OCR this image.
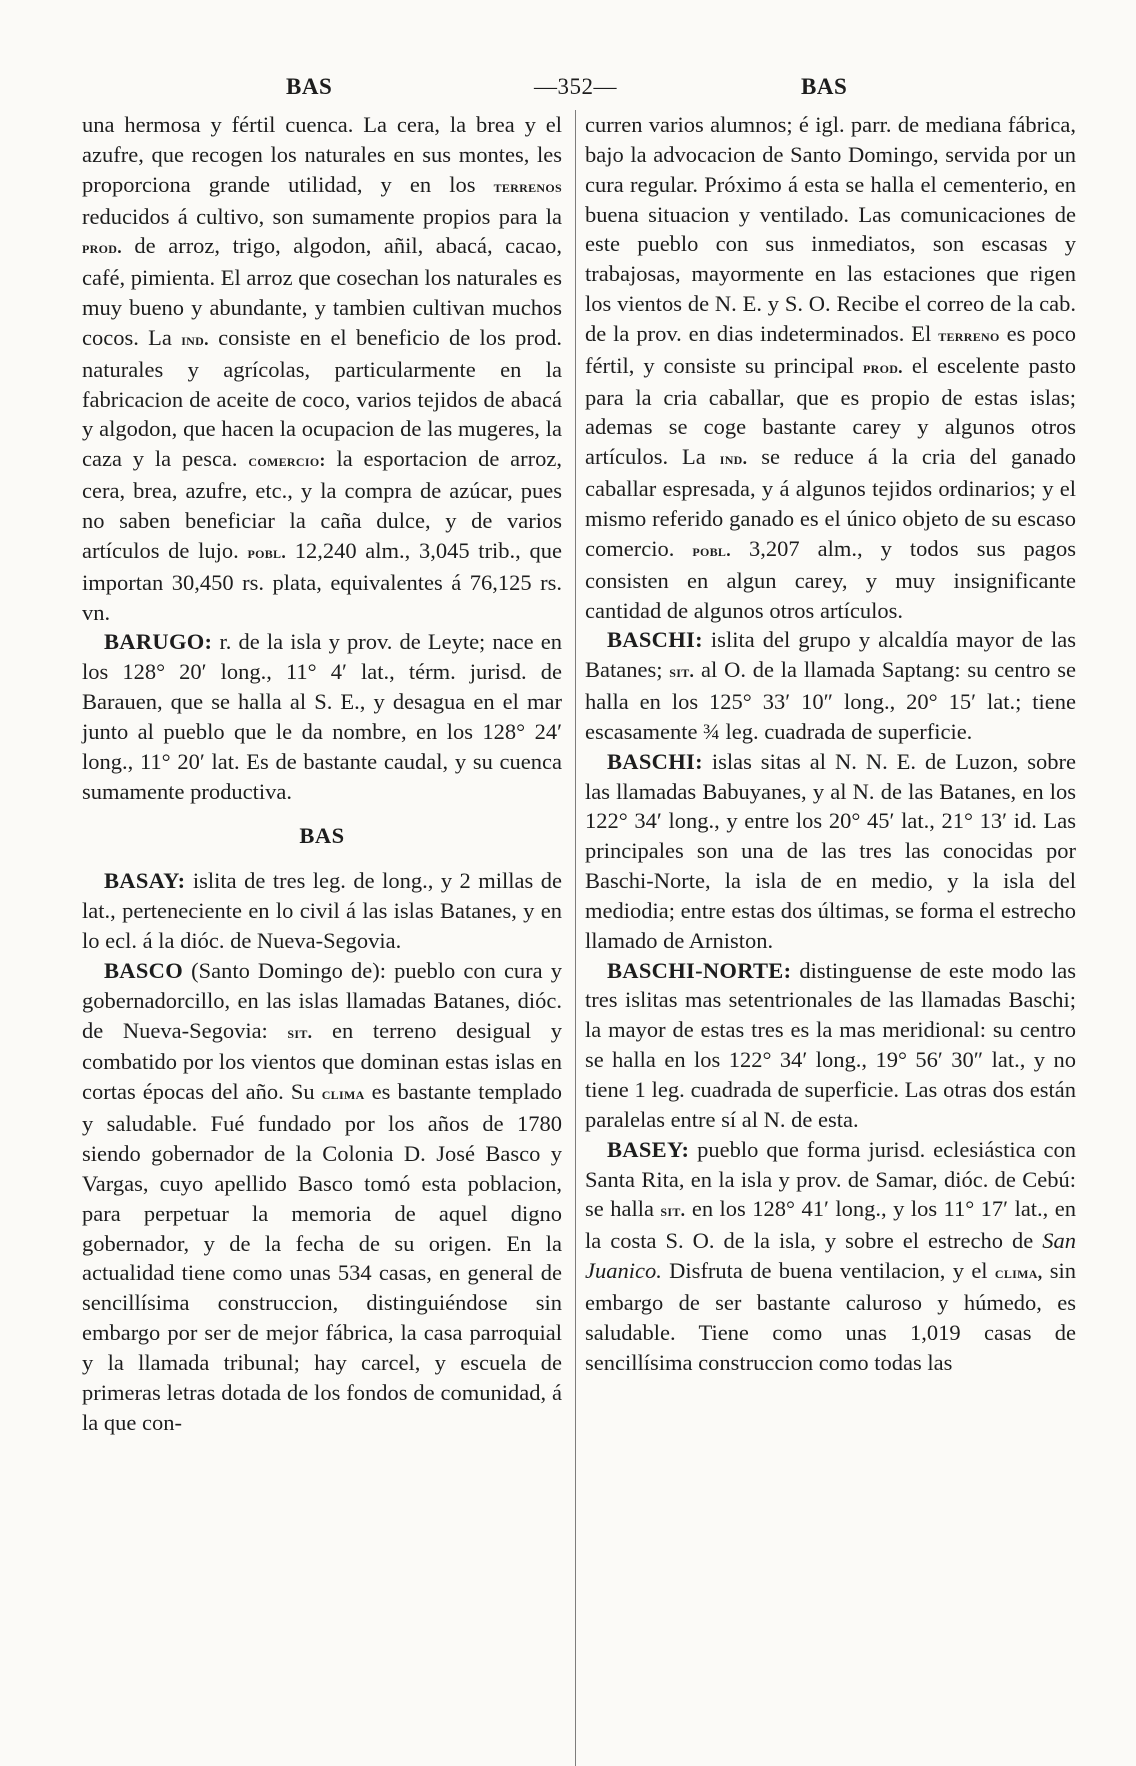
BAS	—352—	BAS

una hermosa y fértil cuenca. La cera, la brea y el azufre, que recogen los naturales en sus montes, les proporciona grande utilidad, y en los terrenos reducidos á cultivo, son sumamente propios para la prod. de arroz, trigo, algodon, añil, abacá, cacao, café, pimienta. El arroz que cosechan los naturales es muy bueno y abundante, y tambien cultivan muchos cocos. La ind. consiste en el beneficio de los prod. naturales y agrícolas, particularmente en la fabricacion de aceite de coco, varios tejidos de abacá y algodon, que hacen la ocupacion de las mugeres, la caza y la pesca. comercio: la esportacion de arroz, cera, brea, azufre, etc., y la compra de azúcar, pues no saben beneficiar la caña dulce, y de varios artículos de lujo. pobl. 12,240 alm., 3,045 trib., que importan 30,450 rs. plata, equivalentes á 76,125 rs. vn.

BARUGO: r. de la isla y prov. de Leyte; nace en los 128° 20′ long., 11° 4′ lat., térm. jurisd. de Barauen, que se halla al S. E., y desagua en el mar junto al pueblo que le da nombre, en los 128° 24′ long., 11° 20′ lat. Es de bastante caudal, y su cuenca sumamente productiva.

BAS

BASAY: islita de tres leg. de long., y 2 millas de lat., perteneciente en lo civil á las islas Batanes, y en lo ecl. á la dióc. de Nueva-Segovia.

BASCO (Santo Domingo de): pueblo con cura y gobernadorcillo, en las islas llamadas Batanes, dióc. de Nueva-Segovia: sit. en terreno desigual y combatido por los vientos que dominan estas islas en cortas épocas del año. Su clima es bastante templado y saludable. Fué fundado por los años de 1780 siendo gobernador de la Colonia D. José Basco y Vargas, cuyo apellido Basco tomó esta poblacion, para perpetuar la memoria de aquel digno gobernador, y de la fecha de su origen. En la actualidad tiene como unas 534 casas, en general de sencillísima construccion, distinguiéndose sin embargo por ser de mejor fábrica, la casa parroquial y la llamada tribunal; hay carcel, y escuela de primeras letras dotada de los fondos de comunidad, á la que con-

curren varios alumnos; é igl. parr. de mediana fábrica, bajo la advocacion de Santo Domingo, servida por un cura regular. Próximo á esta se halla el cementerio, en buena situacion y ventilado. Las comunicaciones de este pueblo con sus inmediatos, son escasas y trabajosas, mayormente en las estaciones que rigen los vientos de N. E. y S. O. Recibe el correo de la cab. de la prov. en dias indeterminados. El terreno es poco fértil, y consiste su principal prod. el escelente pasto para la cria caballar, que es propio de estas islas; ademas se coge bastante carey y algunos otros artículos. La ind. se reduce á la cria del ganado caballar espresada, y á algunos tejidos ordinarios; y el mismo referido ganado es el único objeto de su escaso comercio. pobl. 3,207 alm., y todos sus pagos consisten en algun carey, y muy insignificante cantidad de algunos otros artículos.

BASCHI: islita del grupo y alcaldía mayor de las Batanes; sit. al O. de la llamada Saptang: su centro se halla en los 125° 33′ 10″ long., 20° 15′ lat.; tiene escasamente ¾ leg. cuadrada de superficie.

BASCHI: islas sitas al N. N. E. de Luzon, sobre las llamadas Babuyanes, y al N. de las Batanes, en los 122° 34′ long., y entre los 20° 45′ lat., 21° 13′ id. Las principales son una de las tres las conocidas por Baschi-Norte, la isla de en medio, y la isla del mediodia; entre estas dos últimas, se forma el estrecho llamado de Arniston.

BASCHI-NORTE: distinguense de este modo las tres islitas mas setentrionales de las llamadas Baschi; la mayor de estas tres es la mas meridional: su centro se halla en los 122° 34′ long., 19° 56′ 30″ lat., y no tiene 1 leg. cuadrada de superficie. Las otras dos están paralelas entre sí al N. de esta.

BASEY: pueblo que forma jurisd. eclesiástica con Santa Rita, en la isla y prov. de Samar, dióc. de Cebú: se halla sit. en los 128° 41′ long., y los 11° 17′ lat., en la costa S. O. de la isla, y sobre el estrecho de San Juanico. Disfruta de buena ventilacion, y el clima, sin embargo de ser bastante caluroso y húmedo, es saludable. Tiene como unas 1,019 casas de sencillísima construccion como todas las
